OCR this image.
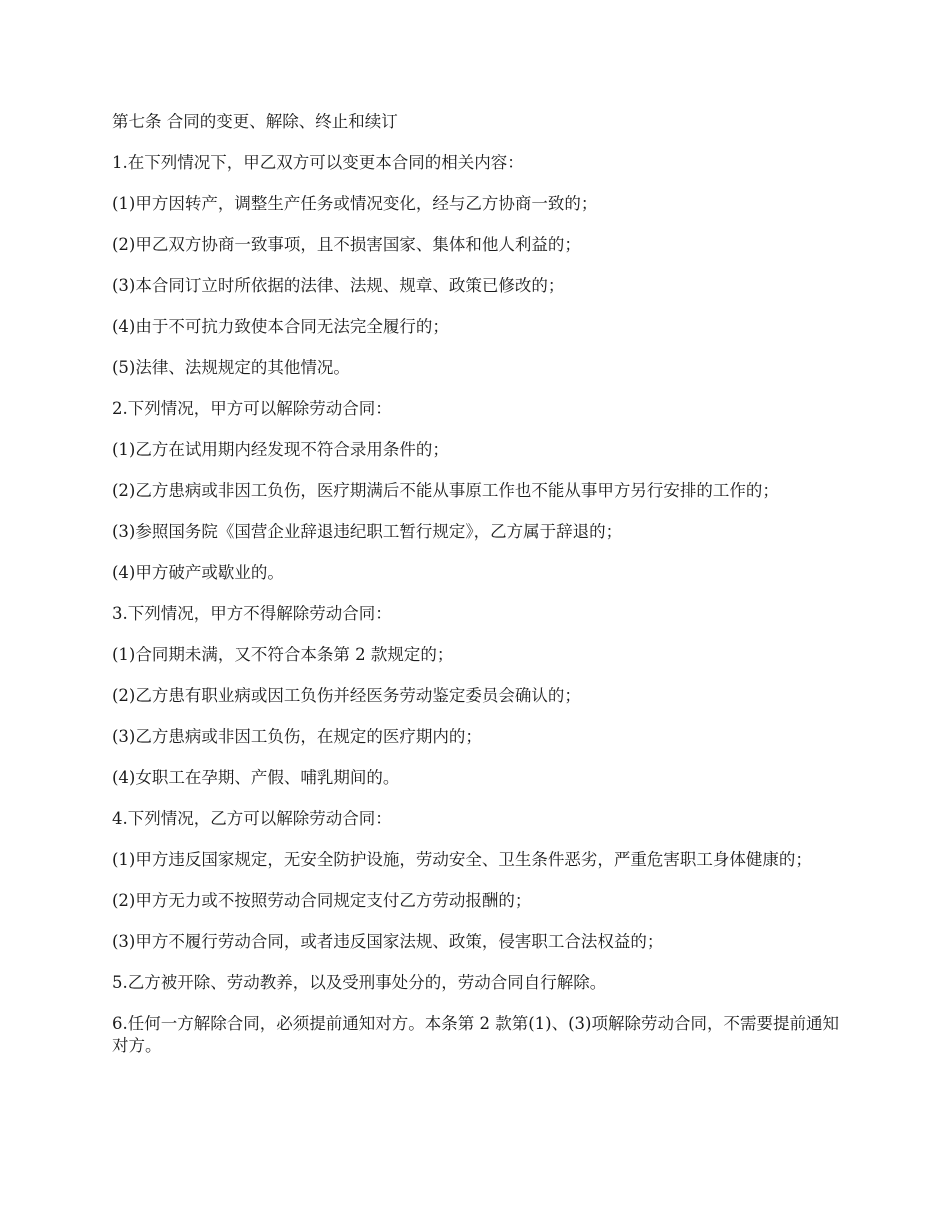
第七条 合同的变更、解除、终止和续订

1.在下列情况下，甲乙双方可以变更本合同的相关内容：

(1)甲方因转产，调整生产任务或情况变化，经与乙方协商一致的；

(2)甲乙双方协商一致事项，且不损害国家、集体和他人利益的；

(3)本合同订立时所依据的法律、法规、规章、政策已修改的；

(4)由于不可抗力致使本合同无法完全履行的；

(5)法律、法规规定的其他情况。

2.下列情况，甲方可以解除劳动合同：

(1)乙方在试用期内经发现不符合录用条件的；

(2)乙方患病或非因工负伤，医疗期满后不能从事原工作也不能从事甲方另行安排的工作的；

(3)参照国务院《国营企业辞退违纪职工暂行规定》，乙方属于辞退的；

(4)甲方破产或歇业的。

3.下列情况，甲方不得解除劳动合同：

(1)合同期未满，又不符合本条第 2 款规定的；

(2)乙方患有职业病或因工负伤并经医务劳动鉴定委员会确认的；

(3)乙方患病或非因工负伤，在规定的医疗期内的；

(4)女职工在孕期、产假、哺乳期间的。

4.下列情况，乙方可以解除劳动合同：

(1)甲方违反国家规定，无安全防护设施，劳动安全、卫生条件恶劣，严重危害职工身体健康的；

(2)甲方无力或不按照劳动合同规定支付乙方劳动报酬的；

(3)甲方不履行劳动合同，或者违反国家法规、政策，侵害职工合法权益的；

5.乙方被开除、劳动教养，以及受刑事处分的，劳动合同自行解除。

6.任何一方解除合同，必须提前通知对方。本条第 2 款第(1)、(3)项解除劳动合同，不需要提前通知对方。
